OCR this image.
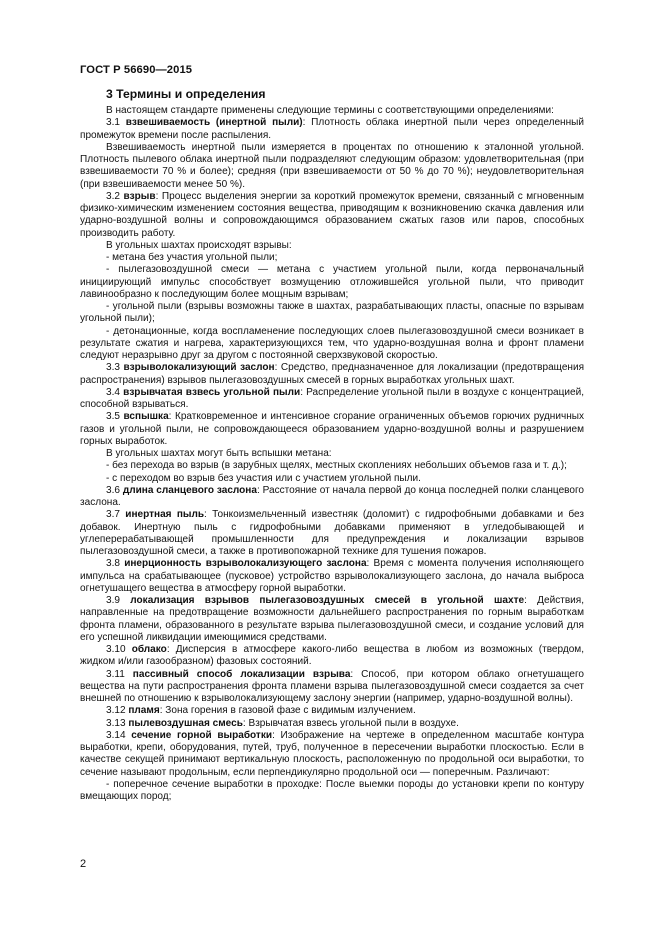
ГОСТ Р 56690—2015
3 Термины и определения

В настоящем стандарте применены следующие термины с соответствующими определениями:

3.1 взвешиваемость (инертной пыли): Плотность облака инертной пыли через определенный промежуток времени после распыления.

Взвешиваемость инертной пыли измеряется в процентах по отношению к эталонной угольной. Плотность пылевого облака инертной пыли подразделяют следующим образом: удовлетворительная (при взвешиваемости 70 % и более); средняя (при взвешиваемости от 50 % до 70 %); неудовлетворительная (при взвешиваемости менее 50 %).

3.2 взрыв: Процесс выделения энергии за короткий промежуток времени, связанный с мгновенным физико-химическим изменением состояния вещества, приводящим к возникновению скачка давления или ударно-воздушной волны и сопровождающимся образованием сжатых газов или паров, способных производить работу.

В угольных шахтах происходят взрывы:

- метана без участия угольной пыли;

- пылегазовоздушной смеси — метана с участием угольной пыли, когда первоначальный инициирующий импульс способствует возмущению отложившейся угольной пыли, что приводит лавинообразно к последующим более мощным взрывам;

- угольной пыли (взрывы возможны также в шахтах, разрабатывающих пласты, опасные по взрывам угольной пыли);

- детонационные, когда воспламенение последующих слоев пылегазовоздушной смеси возникает в результате сжатия и нагрева, характеризующихся тем, что ударно-воздушная волна и фронт пламени следуют неразрывно друг за другом с постоянной сверхзвуковой скоростью.

3.3 взрыволокализующий заслон: Средство, предназначенное для локализации (предотвращения распространения) взрывов пылегазовоздушных смесей в горных выработках угольных шахт.

3.4 взрывчатая взвесь угольной пыли: Распределение угольной пыли в воздухе с концентрацией, способной взрываться.

3.5 вспышка: Кратковременное и интенсивное сгорание ограниченных объемов горючих рудничных газов и угольной пыли, не сопровождающееся образованием ударно-воздушной волны и разрушением горных выработок.

В угольных шахтах могут быть вспышки метана:

- без перехода во взрыв (в зарубных щелях, местных скоплениях небольших объемов газа и т. д.);

- с переходом во взрыв без участия или с участием угольной пыли.

3.6 длина сланцевого заслона: Расстояние от начала первой до конца последней полки сланцевого заслона.

3.7 инертная пыль: Тонкоизмельченный известняк (доломит) с гидрофобными добавками и без добавок. Инертную пыль с гидрофобными добавками применяют в угледобывающей и углеперерабатывающей промышленности для предупреждения и локализации взрывов пылегазовоздушной смеси, а также в противопожарной технике для тушения пожаров.

3.8 инерционность взрыволокализующего заслона: Время с момента получения исполняющего импульса на срабатывающее (пусковое) устройство взрыволокализующего заслона, до начала выброса огнетушащего вещества в атмосферу горной выработки.

3.9 локализация взрывов пылегазовоздушных смесей в угольной шахте: Действия, направленные на предотвращение возможности дальнейшего распространения по горным выработкам фронта пламени, образованного в результате взрыва пылегазовоздушной смеси, и создание условий для его успешной ликвидации имеющимися средствами.

3.10 облако: Дисперсия в атмосфере какого-либо вещества в любом из возможных (твердом, жидком и/или газообразном) фазовых состояний.

3.11 пассивный способ локализации взрыва: Способ, при котором облако огнетушащего вещества на пути распространения фронта пламени взрыва пылегазовоздушной смеси создается за счет внешней по отношению к взрыволокализующему заслону энергии (например, ударно-воздушной волны).

3.12 пламя: Зона горения в газовой фазе с видимым излучением.

3.13 пылевоздушная смесь: Взрывчатая взвесь угольной пыли в воздухе.

3.14 сечение горной выработки: Изображение на чертеже в определенном масштабе контура выработки, крепи, оборудования, путей, труб, полученное в пересечении выработки плоскостью. Если в качестве секущей принимают вертикальную плоскость, расположенную по продольной оси выработки, то сечение называют продольным, если перпендикулярно продольной оси — поперечным. Различают:

- поперечное сечение выработки в проходке: После выемки породы до установки крепи по контуру вмещающих пород;

2
